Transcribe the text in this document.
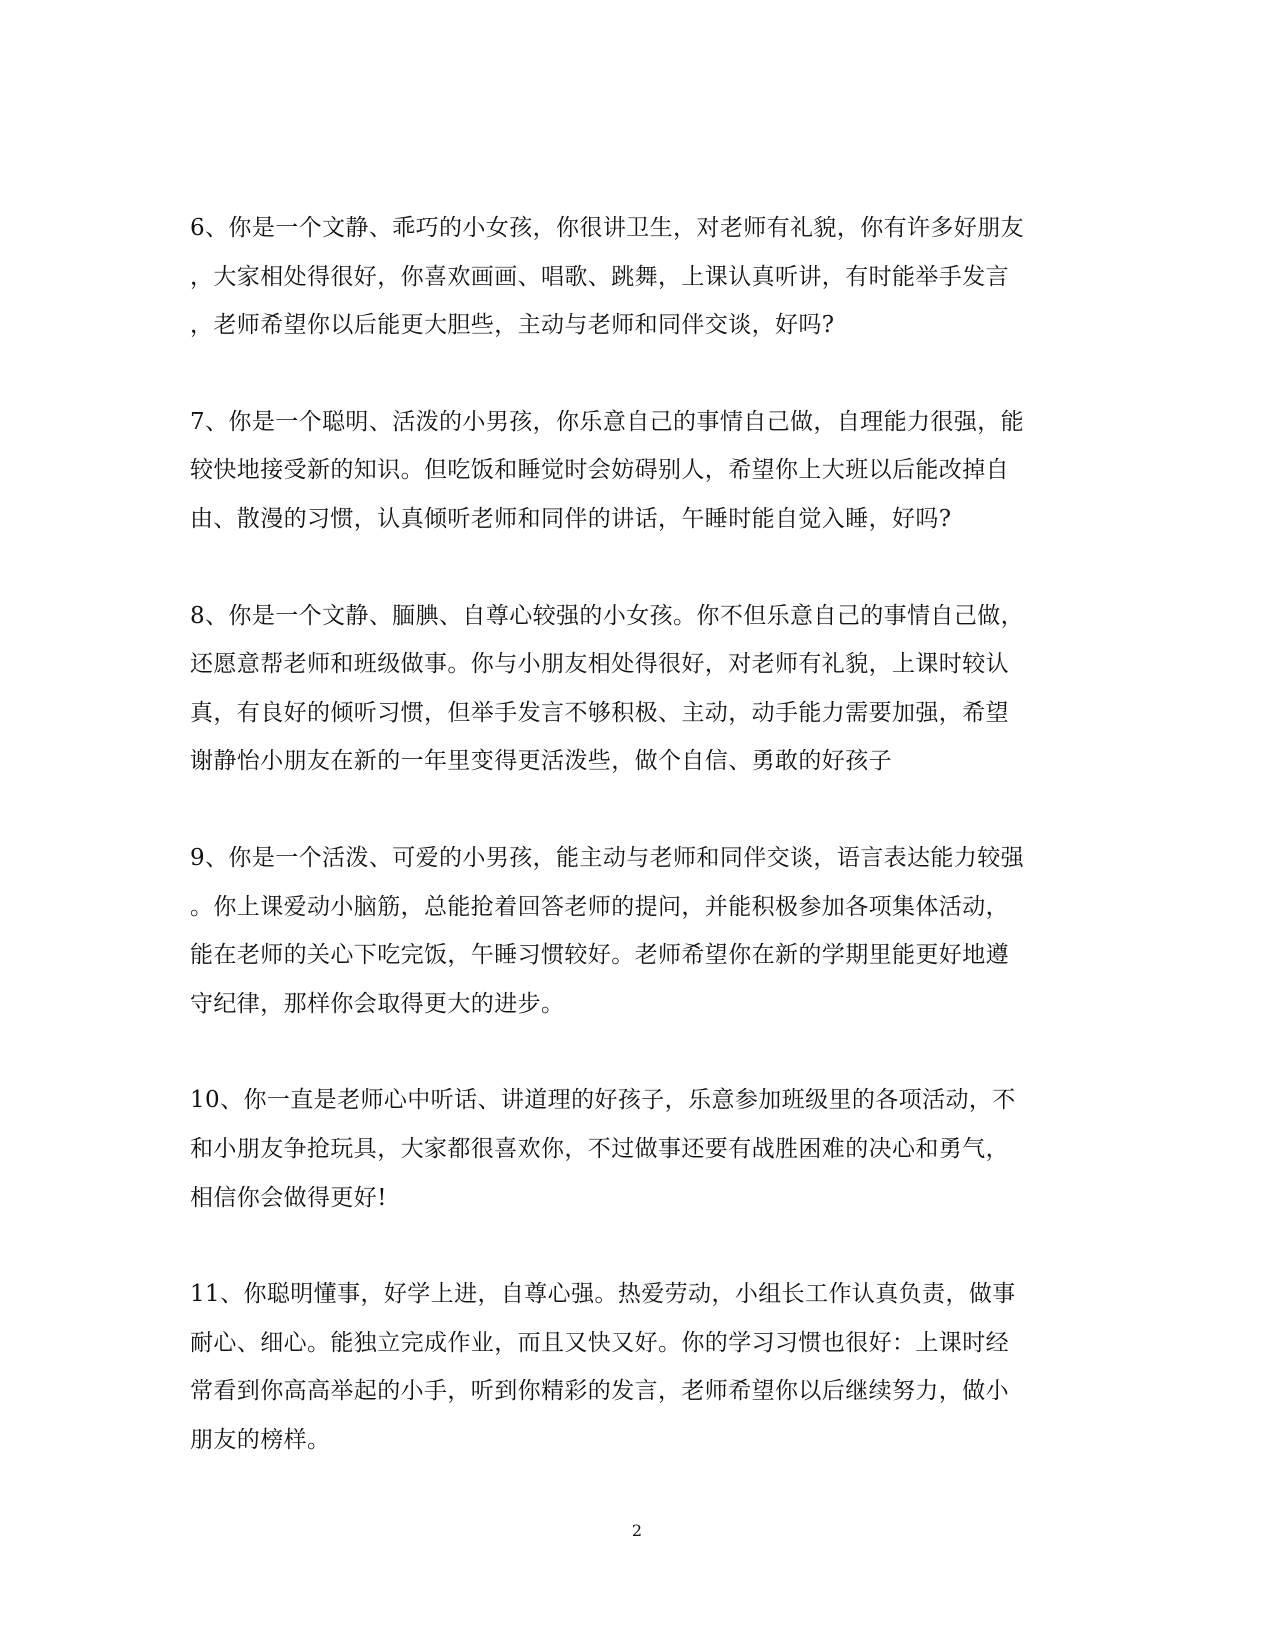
6、你是一个文静、乖巧的小女孩，你很讲卫生，对老师有礼貌，你有许多好朋友
，大家相处得很好，你喜欢画画、唱歌、跳舞，上课认真听讲，有时能举手发言
，老师希望你以后能更大胆些，主动与老师和同伴交谈，好吗?

7、你是一个聪明、活泼的小男孩，你乐意自己的事情自己做，自理能力很强，能
较快地接受新的知识。但吃饭和睡觉时会妨碍别人，希望你上大班以后能改掉自
由、散漫的习惯，认真倾听老师和同伴的讲话，午睡时能自觉入睡，好吗?

8、你是一个文静、腼腆、自尊心较强的小女孩。你不但乐意自己的事情自己做，
还愿意帮老师和班级做事。你与小朋友相处得很好，对老师有礼貌，上课时较认
真，有良好的倾听习惯，但举手发言不够积极、主动，动手能力需要加强，希望
谢静怡小朋友在新的一年里变得更活泼些，做个自信、勇敢的好孩子

9、你是一个活泼、可爱的小男孩，能主动与老师和同伴交谈，语言表达能力较强
。你上课爱动小脑筋，总能抢着回答老师的提问，并能积极参加各项集体活动，
能在老师的关心下吃完饭，午睡习惯较好。老师希望你在新的学期里能更好地遵
守纪律，那样你会取得更大的进步。

10、你一直是老师心中听话、讲道理的好孩子，乐意参加班级里的各项活动，不
和小朋友争抢玩具，大家都很喜欢你，不过做事还要有战胜困难的决心和勇气，
相信你会做得更好!

11、你聪明懂事，好学上进，自尊心强。热爱劳动，小组长工作认真负责，做事
耐心、细心。能独立完成作业，而且又快又好。你的学习习惯也很好：上课时经
常看到你高高举起的小手，听到你精彩的发言，老师希望你以后继续努力，做小
朋友的榜样。

2
